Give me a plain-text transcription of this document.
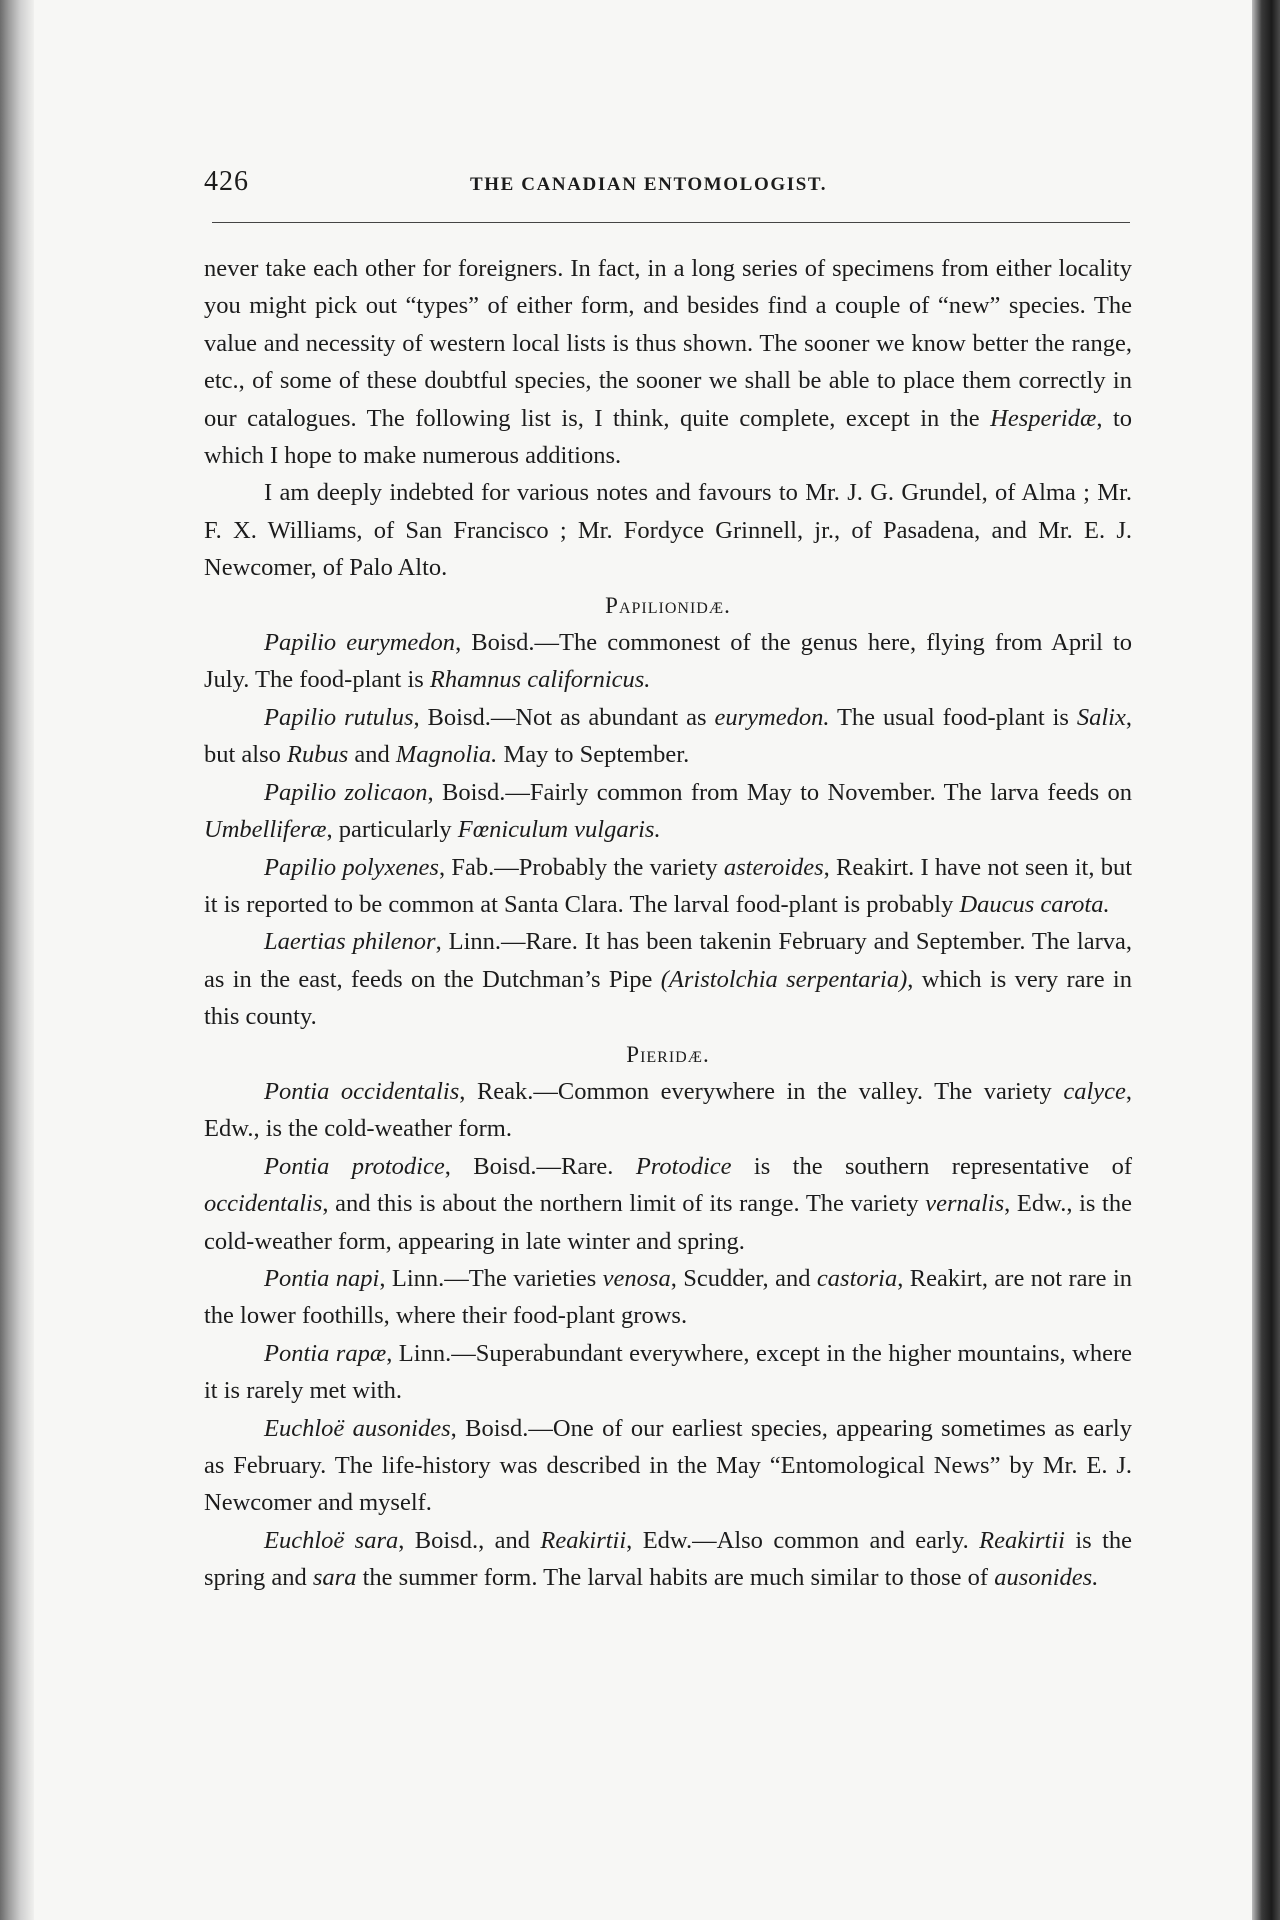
426	THE CANADIAN ENTOMOLOGIST.

never take each other for foreigners. In fact, in a long series of specimens from either locality you might pick out “types” of either form, and besides find a couple of “new” species. The value and necessity of western local lists is thus shown. The sooner we know better the range, etc., of some of these doubtful species, the sooner we shall be able to place them correctly in our catalogues. The following list is, I think, quite complete, except in the Hesperidæ, to which I hope to make numerous additions.

I am deeply indebted for various notes and favours to Mr. J. G. Grundel, of Alma ; Mr. F. X. Williams, of San Francisco ; Mr. Fordyce Grinnell, jr., of Pasadena, and Mr. E. J. Newcomer, of Palo Alto.

Papilionidæ.

Papilio eurymedon, Boisd.—The commonest of the genus here, flying from April to July. The food-plant is Rhamnus californicus.

Papilio rutulus, Boisd.—Not as abundant as eurymedon. The usual food-plant is Salix, but also Rubus and Magnolia. May to September.

Papilio zolicaon, Boisd.—Fairly common from May to November. The larva feeds on Umbelliferæ, particularly Fœniculum vulgaris.

Papilio polyxenes, Fab.—Probably the variety asteroides, Reakirt. I have not seen it, but it is reported to be common at Santa Clara. The larval food-plant is probably Daucus carota.

Laertias philenor, Linn.—Rare. It has been takenin February and September. The larva, as in the east, feeds on the Dutchman’s Pipe (Aristolchia serpentaria), which is very rare in this county.

Pieridæ.

Pontia occidentalis, Reak.—Common everywhere in the valley. The variety calyce, Edw., is the cold-weather form.

Pontia protodice, Boisd.—Rare. Protodice is the southern representative of occidentalis, and this is about the northern limit of its range. The variety vernalis, Edw., is the cold-weather form, appearing in late winter and spring.

Pontia napi, Linn.—The varieties venosa, Scudder, and castoria, Reakirt, are not rare in the lower foothills, where their food-plant grows.

Pontia rapæ, Linn.—Superabundant everywhere, except in the higher mountains, where it is rarely met with.

Euchloë ausonides, Boisd.—One of our earliest species, appearing sometimes as early as February. The life-history was described in the May “Entomological News” by Mr. E. J. Newcomer and myself.

Euchloë sara, Boisd., and Reakirtii, Edw.—Also common and early. Reakirtii is the spring and sara the summer form. The larval habits are much similar to those of ausonides.
